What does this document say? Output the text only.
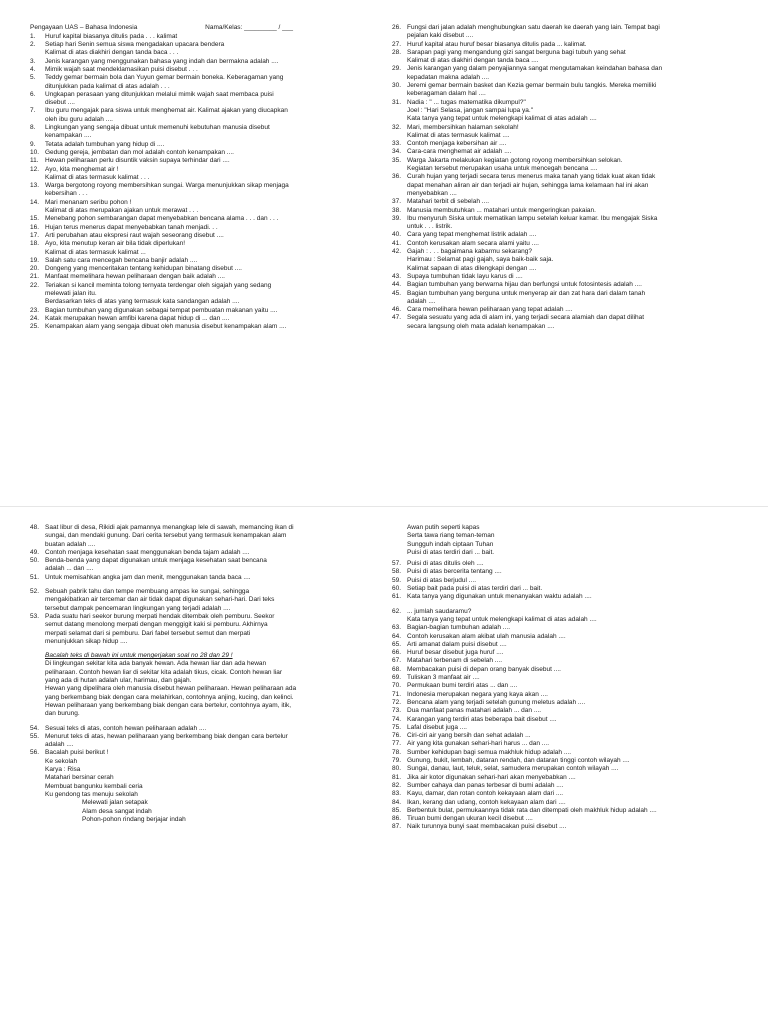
Pengayaan UAS – Bahasa Indonesia	Nama/Kelas: _________ / ___
1.	Huruf kapital biasanya ditulis pada . . . kalimat
2.	Setiap hari Senin semua siswa mengadakan upacara bendera
Kalimat di atas diakhiri dengan tanda baca . . .
3.	Jenis karangan yang menggunakan bahasa yang indah dan bermakna adalah ....
4.	Mimik wajah saat mendeklamasikan puisi disebut . . .
5.	Teddy gemar bermain bola dan Yuyun gemar bermain boneka. Keberagaman yang
ditunjukkan pada kalimat di atas adalah . . .
6.	Ungkapan perasaan yang ditunjukkan melalui mimik wajah saat membaca puisi
disebut ....
7.	Ibu guru mengajak para siswa untuk menghemat air. Kalimat ajakan yang diucapkan
oleh ibu guru adalah ....
8.	Lingkungan yang sengaja dibuat untuk memenuhi kebutuhan manusia disebut
kenampakan ....
9.	Tetata adalah tumbuhan yang hidup di ....
10. Gedung gereja, jembatan dan mol adalah contoh kenampakan ....
11. Hewan peliharaan perlu disuntik vaksin supaya terhindar dari ....
12. Ayo, kita menghemat air !
Kalimat di atas termasuk kalimat . . .
13. Warga bergotong royong membersihkan sungai. Warga menunjukkan sikap menjaga
kebersihan . . .
14. Mari menanam seribu pohon !
Kalimat di atas merupakan ajakan untuk merawat . . .
15. Menebang pohon sembarangan dapat menyebabkan bencana alama . . . dan . . .
16. Hujan terus menerus dapat menyebabkan tanah menjadi. . .
17. Arti perubahan atau ekspresi raut wajah seseorang disebut ....
18. Ayo, kita menutup keran air bila tidak diperlukan!
Kalimat di atas termasuk kalimat ...
19. Salah satu cara mencegah bencana banjir adalah ....
20. Dongeng yang menceritakan tentang kehidupan binatang disebut ....
21. Manfaat memelihara hewan peliharaan dengan baik adalah ....
22. Teriakan si kancil meminta tolong ternyata terdengar oleh sigajah yang sedang
melewati jalan itu.
Berdasarkan teks di atas yang termasuk kata sandangan adalah ....
23. Bagian tumbuhan yang digunakan sebagai tempat pembuatan makanan yaitu ....
24. Katak merupakan hewan amfibi karena dapat hidup di ... dan ....
25. Kenampakan alam yang sengaja dibuat oleh manusia disebut kenampakan alam ....
26. Fungsi dari jalan adalah menghubungkan satu daerah ke daerah yang lain. Tempat bagi
pejalan kaki disebut ....
27. Huruf kapital atau huruf besar biasanya ditulis pada ... kalimat.
28. Sarapan pagi yang mengandung gizi sangat berguna bagi tubuh yang sehat
Kalimat di atas diakhiri dengan tanda baca ....
29. Jenis karangan yang dalam penyajiannya sangat mengutamakan keindahan bahasa dan
kepadatan makna adalah ....
30. Jeremi gemar bermain basket dan Kezia gemar bermain bulu tangkis. Mereka memiliki
keberagaman dalam hal ....
31. Nadia : " ... tugas matematika dikumpul?"
Joel : "Hari Selasa, jangan sampai lupa ya."
Kata tanya yang tepat untuk melengkapi kalimat di atas adalah ....
32. Mari, membersihkan halaman sekolah!
Kalimat di atas termasuk kalimat ....
33. Contoh menjaga kebersihan air ....
34. Cara-cara menghemat air adalah ....
35. Warga Jakarta melakukan kegiatan gotong royong membersihkan selokan.
Kegiatan tersebut merupakan usaha untuk mencegah bencana ....
36. Curah hujan yang terjadi secara terus menerus maka tanah yang tidak kuat akan tidak
dapat menahan aliran air dan terjadi air hujan, sehingga lama kelamaan hal ini akan
menyebabkan ....
37. Matahari terbit di sebelah ....
38. Manusia membutuhkan ... matahari untuk mengeringkan pakaian.
39. Ibu menyuruh Siska untuk mematikan lampu setelah keluar kamar. Ibu mengajak Siska
untuk . . . listrik.
40. Cara yang tepat menghemat listrik adalah ....
41. Contoh kerusakan alam secara alami yaitu ....
42. Gajah : . . . bagaimana kabarmu sekarang?
Harimau : Selamat pagi gajah, saya baik-baik saja.
Kalimat sapaan di atas dilengkapi dengan ....
43. Supaya tumbuhan tidak layu karus di ....
44. Bagian tumbuhan yang berwarna hijau dan berfungsi untuk fotosintesis adalah ....
45. Bagian tumbuhan yang berguna untuk menyerap air dan zat hara dari dalam tanah
adalah ....
46. Cara memelihara hewan peliharaan yang tepat adalah ....
47. Segala sesuatu yang ada di alam ini, yang terjadi secara alamiah dan dapat dilihat
secara langsung oleh mata adalah kenampakan ....
48. Saat libur di desa, Rikidi ajak pamannya menangkap lele di sawah, memancing ikan di
sungai, dan mendaki gunung. Dari cerita tersebut yang termasuk kenampakan alam
buatan adalah ....
49. Contoh menjaga kesehatan saat menggunakan benda tajam adalah ....
50. Benda-benda yang dapat digunakan untuk menjaga kesehatan saat bencana
adalah ... dan ....
51. Untuk memisahkan angka jam dan menit, menggunakan tanda baca ....
52. Sebuah pabrik tahu dan tempe membuang ampas ke sungai, sehingga
mengakibatkan air tercemar dan air tidak dapat digunakan sehari-hari. Dari teks
tersebut dampak pencemaran lingkungan yang terjadi adalah ....
53. Pada suatu hari seekor burung merpati hendak ditembak oleh pemburu. Seekor
semut datang menolong merpati dengan menggigit kaki si pemburu. Akhirnya
merpati selamat dari si pemburu. Dari fabel tersebut semut dan merpati
menunjukkan sikap hidup ....
Bacalah teks di bawah ini untuk mengerjakan soal no 28 dan 29 !
Di lingkungan sekitar kita ada banyak hewan. Ada hewan liar dan ada hewan
peliharaan. Contoh hewan liar di sekitar kita adalah tikus, cicak. Contoh hewan liar
yang ada di hutan adalah ular, harimau, dan gajah.
Hewan yang dipelihara oleh manusia disebut hewan peliharaan. Hewan peliharaan ada
yang berkembang biak dengan cara melahirkan, contohnya anjing, kucing, dan kelinci.
Hewan peliharaan yang berkembang biak dengan cara bertelur, contohnya ayam, itik,
dan burung.
54. Sesuai teks di atas, contoh hewan peliharaan adalah ....
55. Menurut teks di atas, hewan peliharaan yang berkembang biak dengan cara bertelur
adalah ....
56. Bacalah puisi berikut !
Ke sekolah
Karya : Risa
Matahari bersinar cerah
Membuat bangunku kembali ceria
Ku gendong tas menuju sekolah
Melewati jalan setapak
Alam desa sangat indah
Pohon-pohon rindang berjajar indah
Awan putih seperti kapas
Serta tawa riang teman-teman
Sungguh indah ciptaan Tuhan
Puisi di atas terdiri dari ... bait.
57. Puisi di atas ditulis oleh ....
58. Puisi di atas bercerita tentang ....
59. Puisi di atas berjudul ....
60. Setiap bait pada puisi di atas terdiri dari ... bait.
61. Kata tanya yang digunakan untuk menanyakan waktu adalah ....
62. ... jumlah saudaramu?
Kata tanya yang tepat untuk melengkapi kalimat di atas adalah ....
63. Bagian-bagian tumbuhan adalah ....
64. Contoh kerusakan alam akibat ulah manusia adalah ....
65. Arti amanat dalam puisi disebut ....
66. Huruf besar disebut juga huruf ....
67. Matahari terbenam di sebelah ....
68. Membacakan puisi di depan orang banyak disebut ....
69. Tuliskan 3 manfaat air ....
70. Permukaan bumi terdiri atas ... dan ....
71. Indonesia merupakan negara yang kaya akan ....
72. Bencana alam yang terjadi setelah gunung meletus adalah ....
73. Dua manfaat panas matahari adalah ... dan ....
74. Karangan yang terdiri atas beberapa bait disebut ....
75. Lafal disebut juga ....
76. Ciri-ciri air yang bersih dan sehat adalah ...
77. Air yang kita gunakan sehari-hari harus ... dan ....
78. Sumber kehidupan bagi semua makhluk hidup adalah ....
79. Gunung, bukit, lembah, dataran rendah, dan dataran tinggi contoh wilayah ....
80. Sungai, danau, laut, teluk, selat, samudera merupakan contoh wilayah ....
81. Jika air kotor digunakan sehari-hari akan menyebabkan ....
82. Sumber cahaya dan panas terbesar di bumi adalah ....
83. Kayu, damar, dan rotan contoh kekayaan alam dari ....
84. Ikan, kerang dan udang, contoh kekayaan alam dari ....
85. Berbentuk bulat, permukaannya tidak rata dan ditempati oleh makhluk hidup adalah ....
86. Tiruan bumi dengan ukuran kecil disebut ....
87. Naik turunnya bunyi saat membacakan puisi disebut ....
